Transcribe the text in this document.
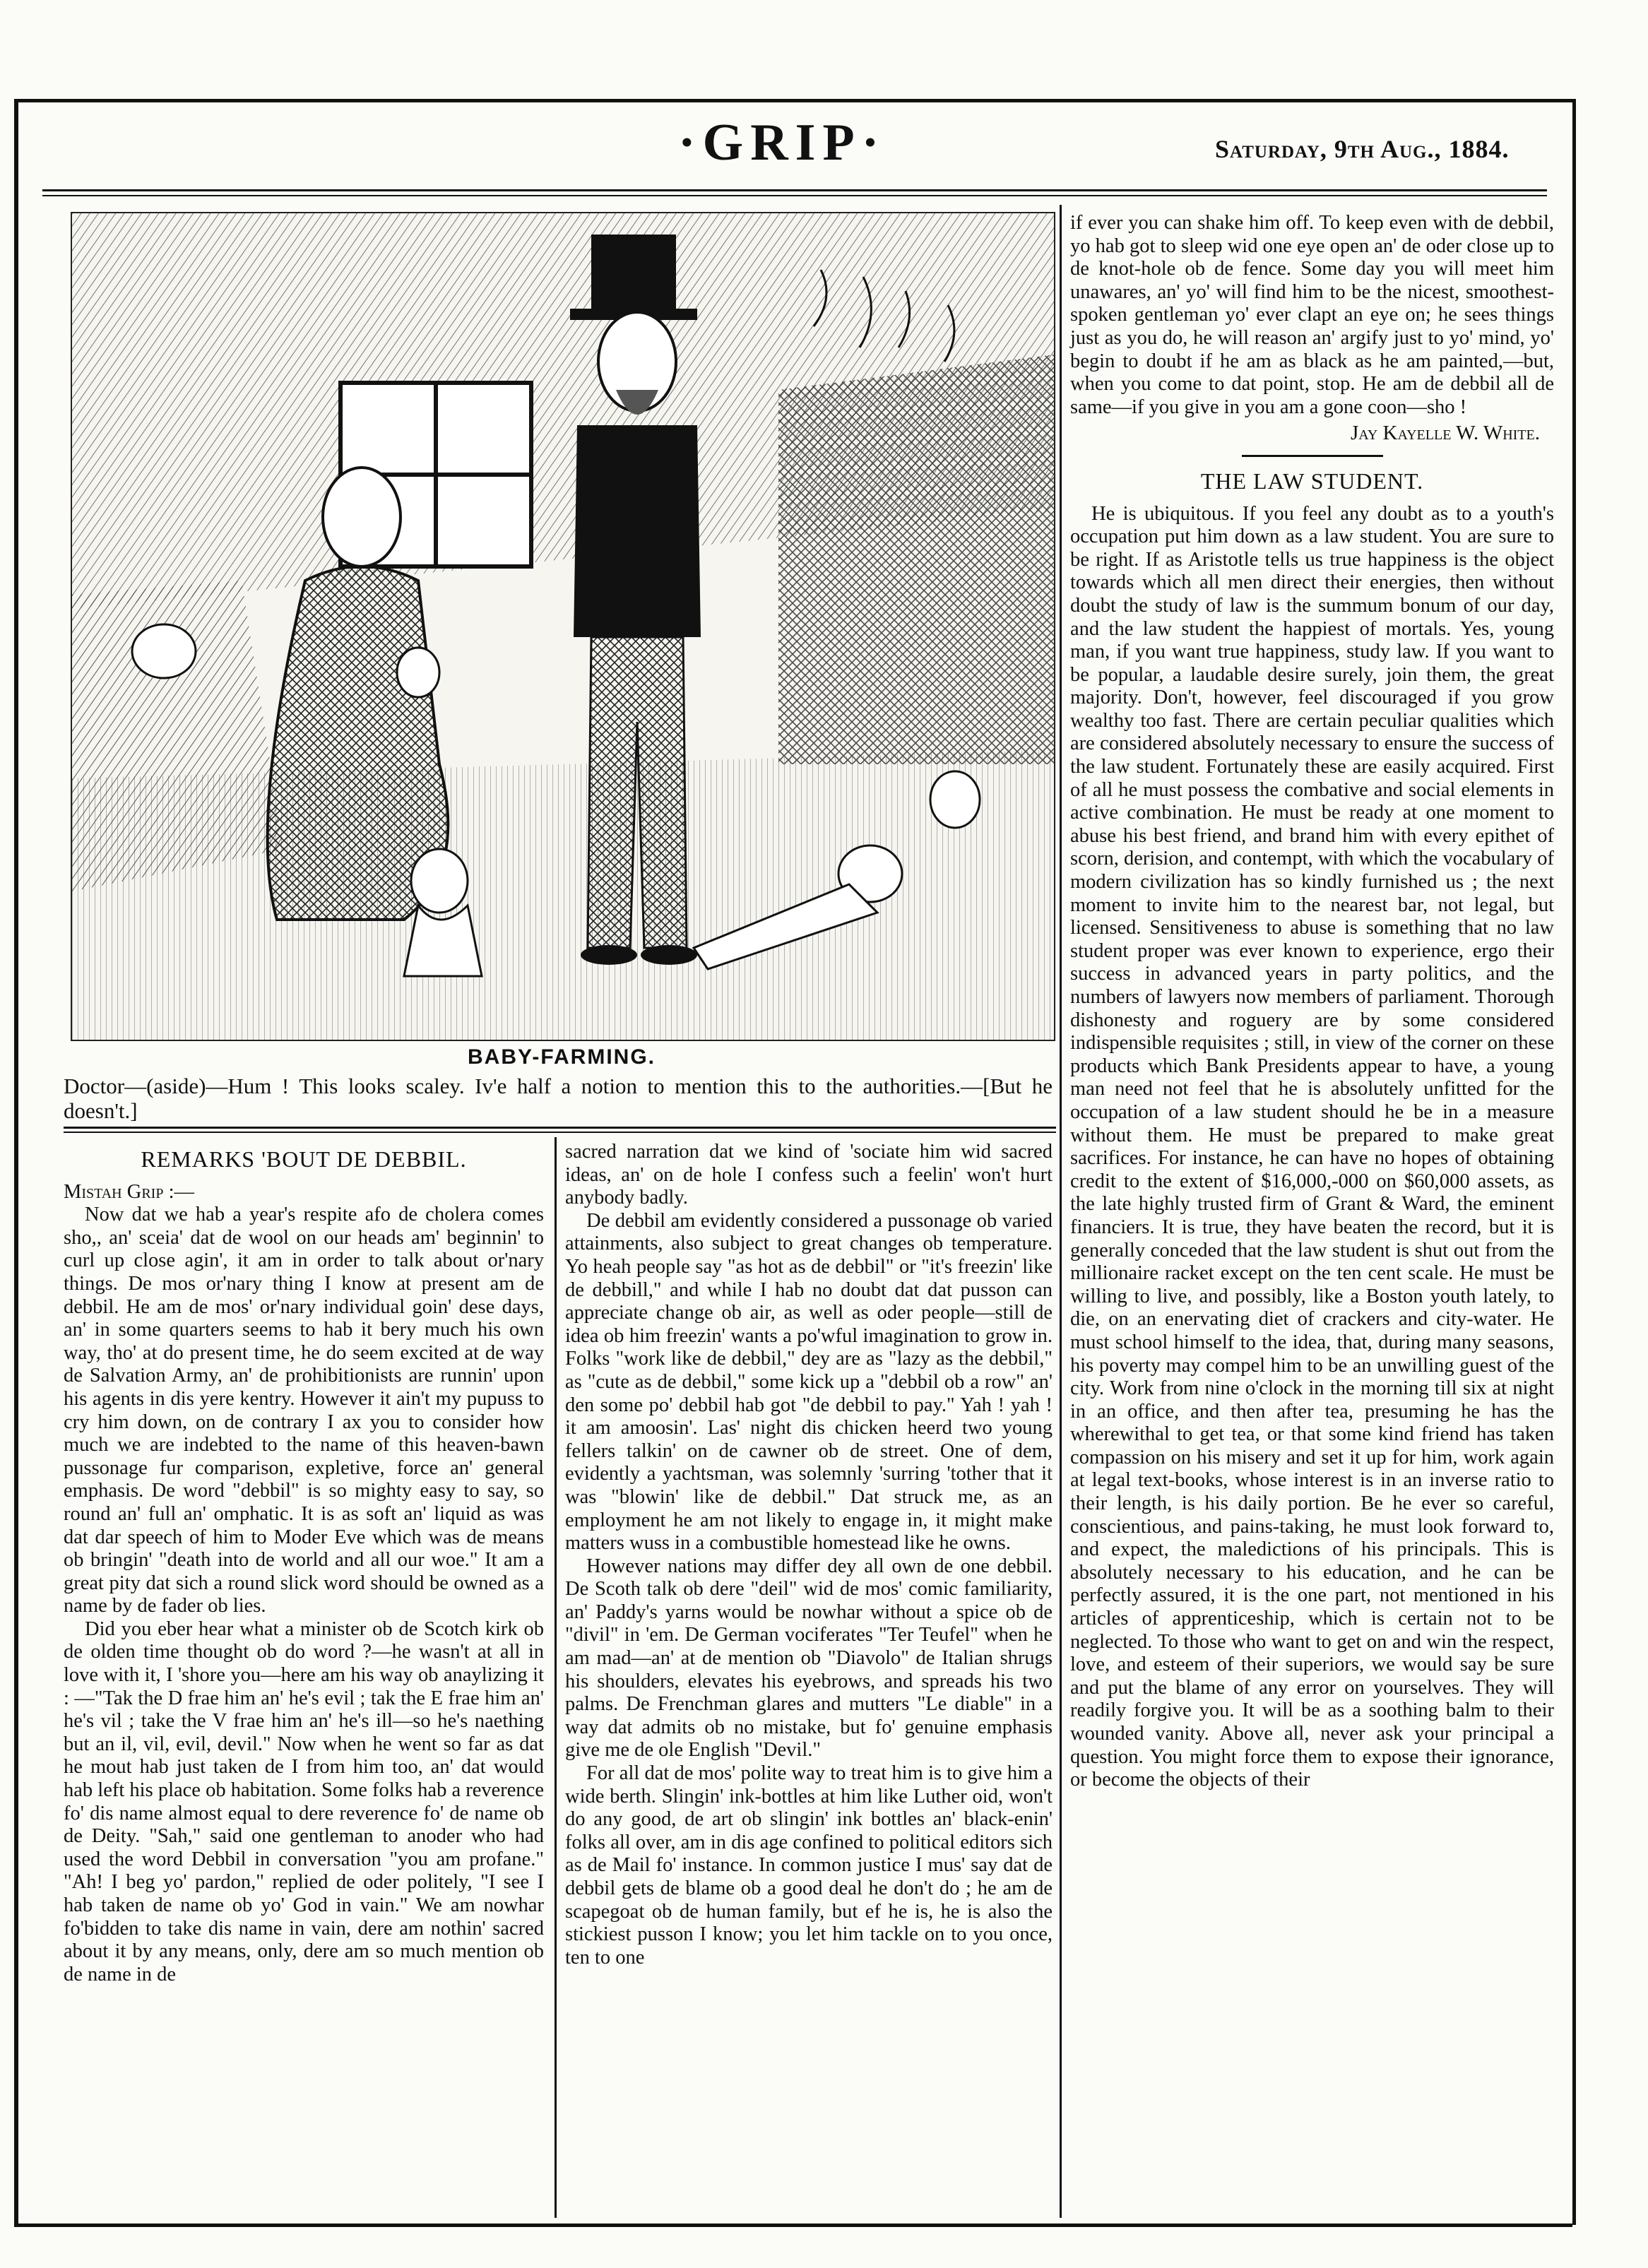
·GRIP·	Saturday, 9th Aug., 1884.
BABY-FARMING.
Doctor—(aside)—Hum ! This looks scaley. Iv'e half a notion to mention this to the authorities.—[But he doesn't.]
REMARKS 'BOUT DE DEBBIL.

Mistah Grip :—

Now dat we hab a year's respite afo de cholera comes sho,, an' sceia' dat de wool on our heads am' beginnin' to curl up close agin', it am in order to talk about or'nary things. De mos or'nary thing I know at present am de debbil. He am de mos' or'nary individual goin' dese days, an' in some quarters seems to hab it bery much his own way, tho' at do present time, he do seem excited at de way de Salvation Army, an' de prohibitionists are runnin' upon his agents in dis yere kentry. However it ain't my pupuss to cry him down, on de contrary I ax you to consider how much we are indebted to the name of this heaven-bawn pussonage fur comparison, expletive, force an' general emphasis. De word "debbil" is so mighty easy to say, so round an' full an' omphatic. It is as soft an' liquid as was dat dar speech of him to Moder Eve which was de means ob bringin' "death into de world and all our woe." It am a great pity dat sich a round slick word should be owned as a name by de fader ob lies.

Did you eber hear what a minister ob de Scotch kirk ob de olden time thought ob do word ?—he wasn't at all in love with it, I 'shore you—here am his way ob anaylizing it : —"Tak the D frae him an' he's evil ; tak the E frae him an' he's vil ; take the V frae him an' he's ill—so he's naething but an il, vil, evil, devil." Now when he went so far as dat he mout hab just taken de I from him too, an' dat would hab left his place ob habitation. Some folks hab a reverence fo' dis name almost equal to dere reverence fo' de name ob de Deity. "Sah," said one gentleman to anoder who had used the word Debbil in conversation "you am profane." "Ah! I beg yo' pardon," replied de oder politely, "I see I hab taken de name ob yo' God in vain." We am nowhar fo'bidden to take dis name in vain, dere am nothin' sacred about it by any means, only, dere am so much mention ob de name in de

sacred narration dat we kind of 'sociate him wid sacred ideas, an' on de hole I confess such a feelin' won't hurt anybody badly.

De debbil am evidently considered a pussonage ob varied attainments, also subject to great changes ob temperature. Yo heah people say "as hot as de debbil" or "it's freezin' like de debbill," and while I hab no doubt dat dat pusson can appreciate change ob air, as well as oder people—still de idea ob him freezin' wants a po'wful imagination to grow in. Folks "work like de debbil," dey are as "lazy as the debbil," as "cute as de debbil," some kick up a "debbil ob a row" an' den some po' debbil hab got "de debbil to pay." Yah ! yah ! it am amoosin'. Las' night dis chicken heerd two young fellers talkin' on de cawner ob de street. One of dem, evidently a yachtsman, was solemnly 'surring 'tother that it was "blowin' like de debbil." Dat struck me, as an employment he am not likely to engage in, it might make matters wuss in a combustible homestead like he owns.

However nations may differ dey all own de one debbil. De Scoth talk ob dere "deil" wid de mos' comic familiarity, an' Paddy's yarns would be nowhar without a spice ob de "divil" in 'em. De German vociferates "Ter Teufel" when he am mad—an' at de mention ob "Diavolo" de Italian shrugs his shoulders, elevates his eyebrows, and spreads his two palms. De Frenchman glares and mutters "Le diable" in a way dat admits ob no mistake, but fo' genuine emphasis give me de ole English "Devil."

For all dat de mos' polite way to treat him is to give him a wide berth. Slingin' ink-bottles at him like Luther oid, won't do any good, de art ob slingin' ink bottles an' black-enin' folks all over, am in dis age confined to political editors sich as de Mail fo' instance. In common justice I mus' say dat de debbil gets de blame ob a good deal he don't do ; he am de scapegoat ob de human family, but ef he is, he is also the stickiest pusson I know; you let him tackle on to you once, ten to one

if ever you can shake him off. To keep even with de debbil, yo hab got to sleep wid one eye open an' de oder close up to de knot-hole ob de fence. Some day you will meet him unawares, an' yo' will find him to be the nicest, smoothest-spoken gentleman yo' ever clapt an eye on; he sees things just as you do, he will reason an' argify just to yo' mind, yo' begin to doubt if he am as black as he am painted,—but, when you come to dat point, stop. He am de debbil all de same—if you give in you am a gone coon—sho !

Jay Kayelle W. White.
THE LAW STUDENT.

He is ubiquitous. If you feel any doubt as to a youth's occupation put him down as a law student. You are sure to be right. If as Aristotle tells us true happiness is the object towards which all men direct their energies, then without doubt the study of law is the summum bonum of our day, and the law student the happiest of mortals. Yes, young man, if you want true happiness, study law. If you want to be popular, a laudable desire surely, join them, the great majority. Don't, however, feel discouraged if you grow wealthy too fast. There are certain peculiar qualities which are considered absolutely necessary to ensure the success of the law student. Fortunately these are easily acquired. First of all he must possess the combative and social elements in active combination. He must be ready at one moment to abuse his best friend, and brand him with every epithet of scorn, derision, and contempt, with which the vocabulary of modern civilization has so kindly furnished us ; the next moment to invite him to the nearest bar, not legal, but licensed. Sensitiveness to abuse is something that no law student proper was ever known to experience, ergo their success in advanced years in party politics, and the numbers of lawyers now members of parliament. Thorough dishonesty and roguery are by some considered indispensible requisites ; still, in view of the corner on these products which Bank Presidents appear to have, a young man need not feel that he is absolutely unfitted for the occupation of a law student should he be in a measure without them. He must be prepared to make great sacrifices. For instance, he can have no hopes of obtaining credit to the extent of $16,000,-000 on $60,000 assets, as the late highly trusted firm of Grant & Ward, the eminent financiers. It is true, they have beaten the record, but it is generally conceded that the law student is shut out from the millionaire racket except on the ten cent scale. He must be willing to live, and possibly, like a Boston youth lately, to die, on an enervating diet of crackers and city-water. He must school himself to the idea, that, during many seasons, his poverty may compel him to be an unwilling guest of the city. Work from nine o'clock in the morning till six at night in an office, and then after tea, presuming he has the wherewithal to get tea, or that some kind friend has taken compassion on his misery and set it up for him, work again at legal text-books, whose interest is in an inverse ratio to their length, is his daily portion. Be he ever so careful, conscientious, and pains-taking, he must look forward to, and expect, the maledictions of his principals. This is absolutely necessary to his education, and he can be perfectly assured, it is the one part, not mentioned in his articles of apprenticeship, which is certain not to be neglected. To those who want to get on and win the respect, love, and esteem of their superiors, we would say be sure and put the blame of any error on yourselves. They will readily forgive you. It will be as a soothing balm to their wounded vanity. Above all, never ask your principal a question. You might force them to expose their ignorance, or become the objects of their
